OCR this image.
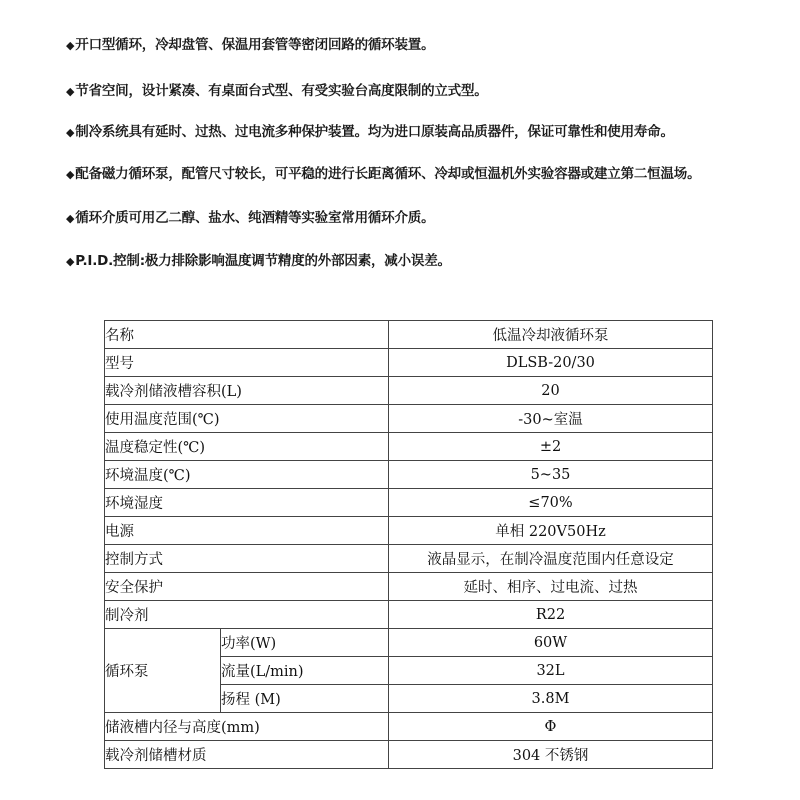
◆开口型循环，冷却盘管、保温用套管等密闭回路的循环装置。
◆节省空间，设计紧凑、有桌面台式型、有受实验台高度限制的立式型。
◆制冷系统具有延时、过热、过电流多种保护装置。均为进口原装高品质器件，保证可靠性和使用寿命。
◆配备磁力循环泵，配管尺寸较长，可平稳的进行长距离循环、冷却或恒温机外实验容器或建立第二恒温场。
◆循环介质可用乙二醇、盐水、纯酒精等实验室常用循环介质。
◆P.I.D.控制:极力排除影响温度调节精度的外部因素，减小误差。
名称		低温冷却液循环泵
型号		DLSB-20/30
载冷剂储液槽容积(L)		20
使用温度范围(℃)		-30~室温
温度稳定性(℃)		±2
环境温度(℃)		5~35
环境湿度		≤70%
电源		单相 220V50Hz
控制方式		液晶显示，在制冷温度范围内任意设定
安全保护		延时、相序、过电流、过热
制冷剂		R22
循环泵	功率(W)	60W
	流量(L/min)	32L
	扬程 (M)	3.8M
储液槽内径与高度(mm)		Φ
载冷剂储槽材质		304 不锈钢
